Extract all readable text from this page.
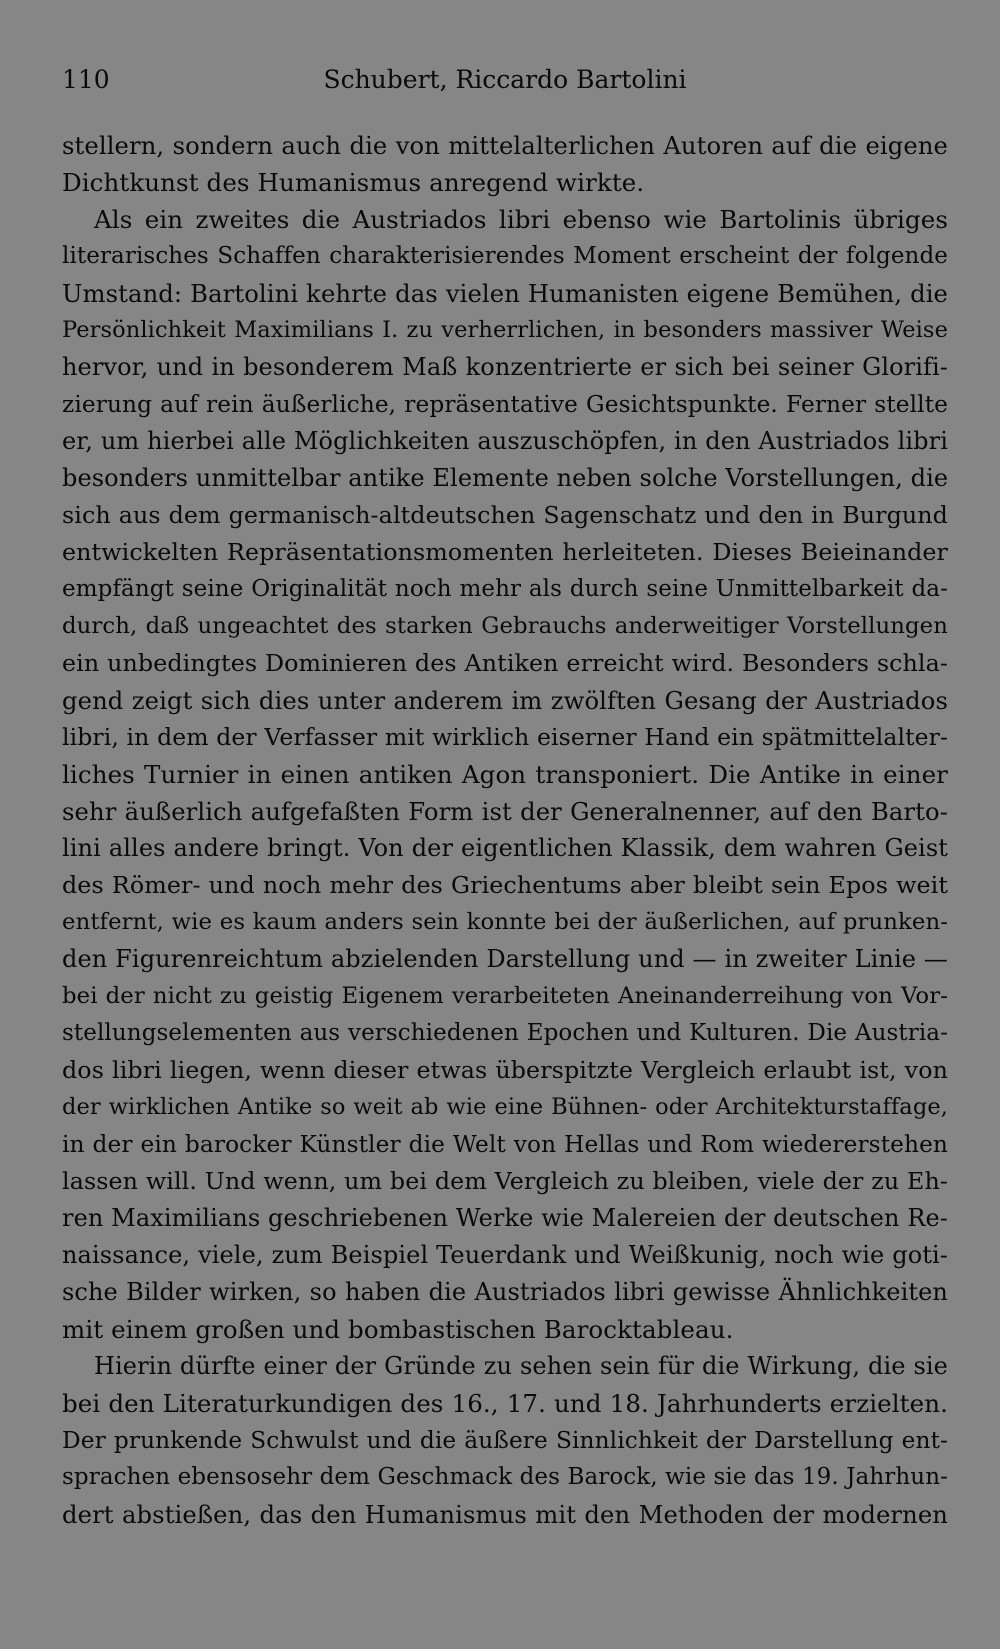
110	Schubert, Riccardo Bartolini
stellern, sondern auch die von mittelalterlichen Autoren auf die eigene
Dichtkunst des Humanismus anregend wirkte.
Als ein zweites die Austriados libri ebenso wie Bartolinis übriges
literarisches Schaffen charakterisierendes Moment erscheint der folgende
Umstand: Bartolini kehrte das vielen Humanisten eigene Bemühen, die
Persönlichkeit Maximilians I. zu verherrlichen, in besonders massiver Weise
hervor, und in besonderem Maß konzentrierte er sich bei seiner Glorifi-
zierung auf rein äußerliche, repräsentative Gesichtspunkte. Ferner stellte
er, um hierbei alle Möglichkeiten auszuschöpfen, in den Austriados libri
besonders unmittelbar antike Elemente neben solche Vorstellungen, die
sich aus dem germanisch-altdeutschen Sagenschatz und den in Burgund
entwickelten Repräsentationsmomenten herleiteten. Dieses Beieinander
empfängt seine Originalität noch mehr als durch seine Unmittelbarkeit da-
durch, daß ungeachtet des starken Gebrauchs anderweitiger Vorstellungen
ein unbedingtes Dominieren des Antiken erreicht wird. Besonders schla-
gend zeigt sich dies unter anderem im zwölften Gesang der Austriados
libri, in dem der Verfasser mit wirklich eiserner Hand ein spätmittelalter-
liches Turnier in einen antiken Agon transponiert. Die Antike in einer
sehr äußerlich aufgefaßten Form ist der Generalnenner, auf den Barto-
lini alles andere bringt. Von der eigentlichen Klassik, dem wahren Geist
des Römer- und noch mehr des Griechentums aber bleibt sein Epos weit
entfernt, wie es kaum anders sein konnte bei der äußerlichen, auf prunken-
den Figurenreichtum abzielenden Darstellung und — in zweiter Linie —
bei der nicht zu geistig Eigenem verarbeiteten Aneinanderreihung von Vor-
stellungselementen aus verschiedenen Epochen und Kulturen. Die Austria-
dos libri liegen, wenn dieser etwas überspitzte Vergleich erlaubt ist, von
der wirklichen Antike so weit ab wie eine Bühnen- oder Architekturstaffage,
in der ein barocker Künstler die Welt von Hellas und Rom wiedererstehen
lassen will. Und wenn, um bei dem Vergleich zu bleiben, viele der zu Eh-
ren Maximilians geschriebenen Werke wie Malereien der deutschen Re-
naissance, viele, zum Beispiel Teuerdank und Weißkunig, noch wie goti-
sche Bilder wirken, so haben die Austriados libri gewisse Ähnlichkeiten
mit einem großen und bombastischen Barocktableau.
Hierin dürfte einer der Gründe zu sehen sein für die Wirkung, die sie
bei den Literaturkundigen des 16., 17. und 18. Jahrhunderts erzielten.
Der prunkende Schwulst und die äußere Sinnlichkeit der Darstellung ent-
sprachen ebensosehr dem Geschmack des Barock, wie sie das 19. Jahrhun-
dert abstießen, das den Humanismus mit den Methoden der modernen
